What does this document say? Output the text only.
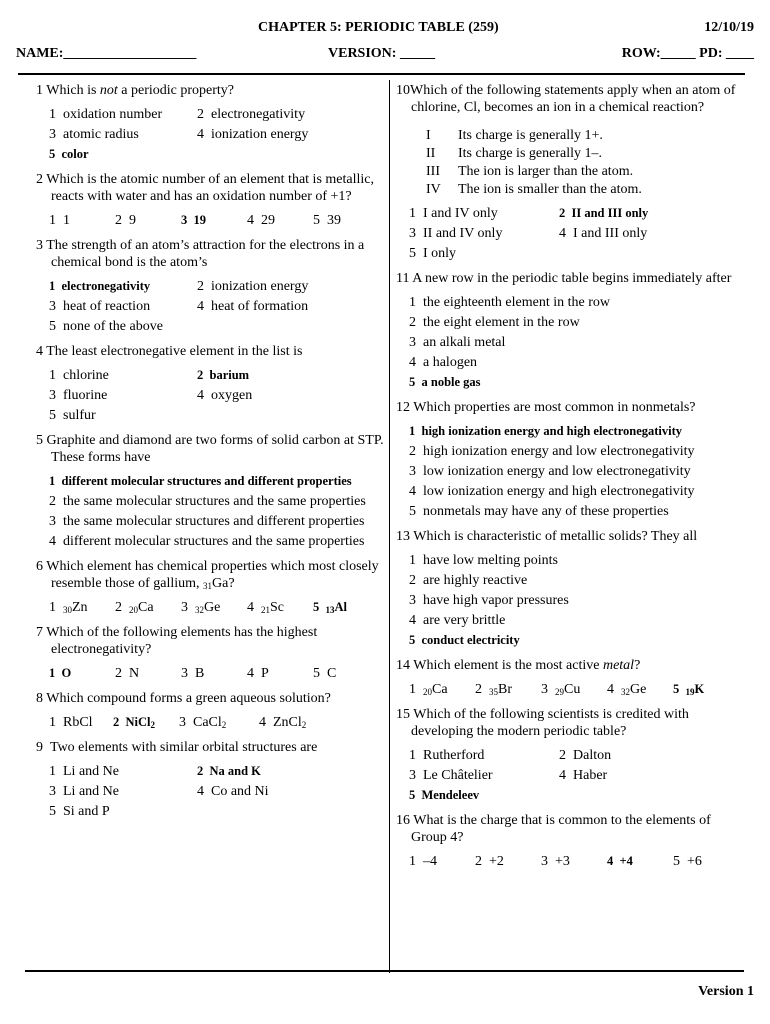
CHAPTER 5: PERIODIC TABLE (259)	12/10/19
NAME:___________________	VERSION: _____	ROW:_____ PD: ____
1 Which is not a periodic property?
1  oxidation number	2  electronegativity
3  atomic radius	4  ionization energy
5  color
2 Which is the atomic number of an element that is metallic, reacts with water and has an oxidation number of +1?
1  1	2  9	3  19	4  29	5  39
3 The strength of an atom’s attraction for the electrons in a chemical bond is the atom’s
1  electronegativity	2  ionization energy
3  heat of reaction	4  heat of formation
5  none of the above
4 The least electronegative element in the list is
1  chlorine	2  barium
3  fluorine	4  oxygen
5  sulfur
5 Graphite and diamond are two forms of solid carbon at STP. These forms have
1  different molecular structures and different properties
2  the same molecular structures and the same properties
3  the same molecular structures and different properties
4  different molecular structures and the same properties
6 Which element has chemical properties which most closely resemble those of gallium, $_{31}$Ga?
1  $_{30}$Zn	2  $_{20}$Ca	3  $_{32}$Ge	4  $_{21}$Sc	5  $_{13}$Al
7 Which of the following elements has the highest electronegativity?
1  O	2  N	3  B	4  P	5  C
8 Which compound forms a green aqueous solution?
1  RbCl	2  NiCl$_2$	3  CaCl$_2$	4  ZnCl$_2$
9  Two elements with similar orbital structures are
1  Li and Ne	2  Na and K
3  Li and Ne	4  Co and Ni
5  Si and P
10Which of the following statements apply when an atom of chlorine, Cl, becomes an ion in a chemical reaction?
I	Its charge is generally 1+.
II	Its charge is generally 1–.
III	The ion is larger than the atom.
IV	The ion is smaller than the atom.
1  I and IV only	2  II and III only
3  II and IV only	4  I and III only
5  I only
11 A new row in the periodic table begins immediately after
1  the eighteenth element in the row
2  the eight element in the row
3  an alkali metal
4  a halogen
5  a noble gas
12 Which properties are most common in nonmetals?
1  high ionization energy and high electronegativity
2  high ionization energy and low electronegativity
3  low ionization energy and low electronegativity
4  low ionization energy and high electronegativity
5  nonmetals may have any of these properties
13 Which is characteristic of metallic solids? They all
1  have low melting points
2  are highly reactive
3  have high vapor pressures
4  are very brittle
5  conduct electricity
14 Which element is the most active metal?
1  $_{20}$Ca	2  $_{35}$Br	3  $_{29}$Cu	4  $_{32}$Ge	5  $_{19}$K
15 Which of the following scientists is credited with developing the modern periodic table?
1  Rutherford	2  Dalton
3  Le Châtelier	4  Haber
5  Mendeleev
16 What is the charge that is common to the elements of Group 4?
1  –4	2  +2	3  +3	4  +4	5  +6
Version 1
